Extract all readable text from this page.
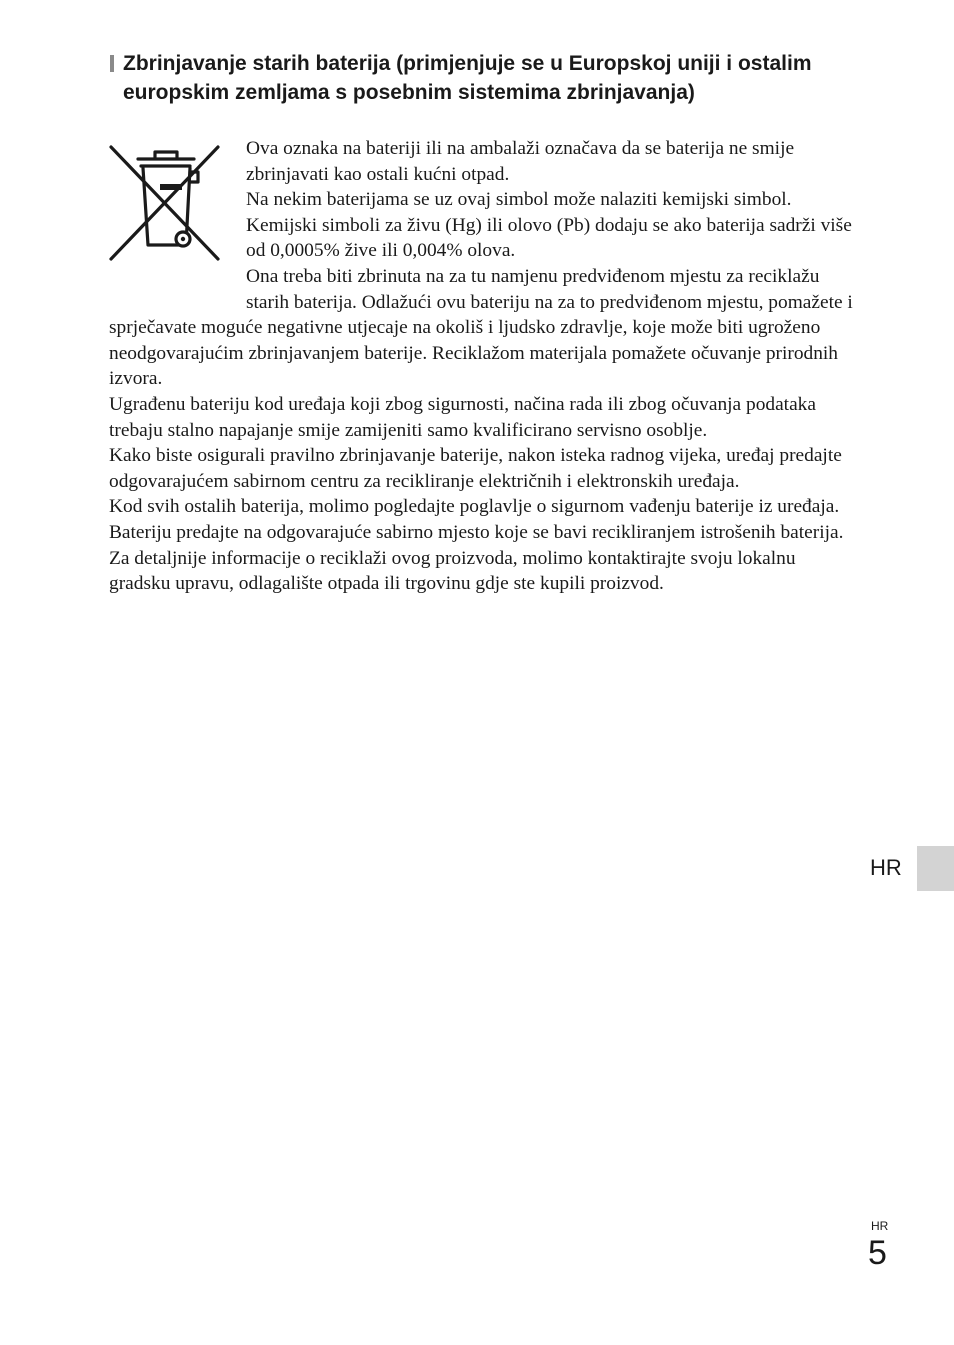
Zbrinjavanje starih baterija (primjenjuje se u Europskoj uniji i ostalim europskim zemljama s posebnim sistemima zbrinjavanja)

Ova oznaka na bateriji ili na ambalaži označava da se baterija ne smije zbrinjavati kao ostali kućni otpad.

Na nekim baterijama se uz ovaj simbol može nalaziti kemijski simbol. Kemijski simboli za živu (Hg) ili olovo (Pb) dodaju se ako baterija sadrži više od 0,0005% žive ili 0,004% olova.

Ona treba biti zbrinuta na za tu namjenu predviđenom mjestu za reciklažu starih baterija. Odlažući ovu bateriju na za to predviđenom mjestu, pomažete i sprječavate moguće negativne utjecaje na okoliš i ljudsko zdravlje, koje može biti ugroženo neodgovarajućim zbrinjavanjem baterije. Reciklažom materijala pomažete očuvanje prirodnih izvora.

Ugrađenu bateriju kod uređaja koji zbog sigurnosti, načina rada ili zbog očuvanja podataka trebaju stalno napajanje smije zamijeniti samo kvalificirano servisno osoblje.

Kako biste osigurali pravilno zbrinjavanje baterije, nakon isteka radnog vijeka, uređaj predajte odgovarajućem sabirnom centru za recikliranje električnih i elektronskih uređaja.

Kod svih ostalih baterija, molimo pogledajte poglavlje o sigurnom vađenju baterije iz uređaja. Bateriju predajte na odgovarajuće sabirno mjesto koje se bavi recikliranjem istrošenih baterija.

Za detaljnije informacije o reciklaži ovog proizvoda, molimo kontaktirajte svoju lokalnu gradsku upravu, odlagalište otpada ili trgovinu gdje ste kupili proizvod.

HR
HR
5
